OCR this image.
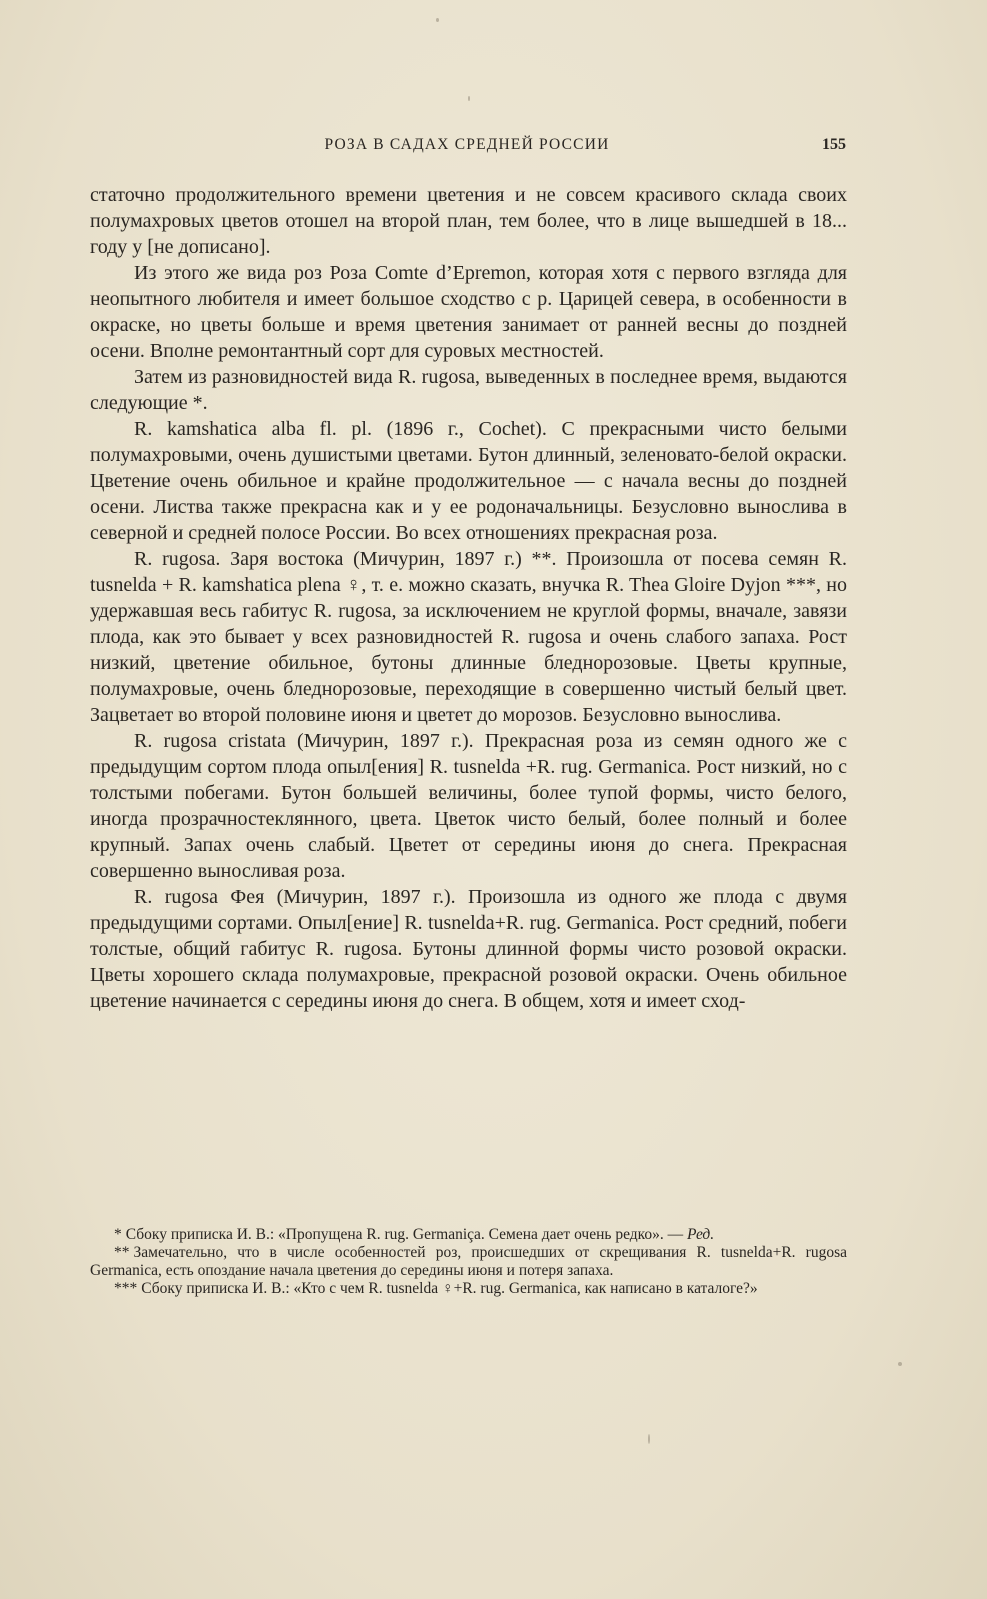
РОЗА В САДАХ СРЕДНЕЙ РОССИИ	155

статочно продолжительного времени цветения и не совсем красивого склада своих полумахровых цветов отошел на второй план, тем более, что в лице вышедшей в 18... году у [не дописано].

Из этого же вида роз Роза Comte d’Epremon, которая хотя с первого взгляда для неопытного любителя и имеет большое сходство с р. Царицей севера, в особенности в окраске, но цветы больше и время цветения занимает от ранней весны до поздней осени. Вполне ремонтантный сорт для суровых местностей.

Затем из разновидностей вида R. rugosa, выведенных в последнее время, выдаются следующие *.

R. kamshatica alba fl. pl. (1896 г., Cochet). С прекрасными чисто белыми полумахровыми, очень душистыми цветами. Бутон длинный, зеленовато-белой окраски. Цветение очень обильное и крайне продолжительное — с начала весны до поздней осени. Листва также прекрасна как и у ее родоначальницы. Безусловно вынослива в северной и средней полосе России. Во всех отношениях прекрасная роза.

R. rugosa. Заря востока (Мичурин, 1897 г.) **. Произошла от посева семян R. tusnelda + R. kamshatica plena ♀, т. е. можно сказать, внучка R. Thea Gloire Dyjon ***, но удержавшая весь габитус R. rugosa, за исключением не круглой формы, вначале, завязи плода, как это бывает у всех разновидностей R. rugosa и очень слабого запаха. Рост низкий, цветение обильное, бутоны длинные бледнорозовые. Цветы крупные, полумахровые, очень бледнорозовые, переходящие в совершенно чистый белый цвет. Зацветает во второй половине июня и цветет до морозов. Безусловно вынослива.

R. rugosa cristata (Мичурин, 1897 г.). Прекрасная роза из семян одного же с предыдущим сортом плода опыл[ения] R. tusnelda +R. rug. Germanica. Рост низкий, но с толстыми побегами. Бутон большей величины, более тупой формы, чисто белого, иногда прозрачностеклянного, цвета. Цветок чисто белый, более полный и более крупный. Запах очень слабый. Цветет от середины июня до снега. Прекрасная совершенно выносливая роза.

R. rugosa Фея (Мичурин, 1897 г.). Произошла из одного же плода с двумя предыдущими сортами. Опыл[ение] R. tusnelda+R. rug. Germanica. Рост средний, побеги толстые, общий габитус R. rugosa. Бутоны длинной формы чисто розовой окраски. Цветы хорошего склада полумахровые, прекрасной розовой окраски. Очень обильное цветение начинается с середины июня до снега. В общем, хотя и имеет сход-

* Сбоку приписка И. В.: «Пропущена R. rug. Germaniça. Семена дает очень редко». — Ред.

** Замечательно, что в числе особенностей роз, происшедших от скрещивания R. tusnelda+R. rugosa Germanica, есть опоздание начала цветения до середины июня и потеря запаха.

*** Сбоку приписка И. В.: «Кто с чем R. tusnelda ♀+R. rug. Germanica, как написано в каталоге?»
